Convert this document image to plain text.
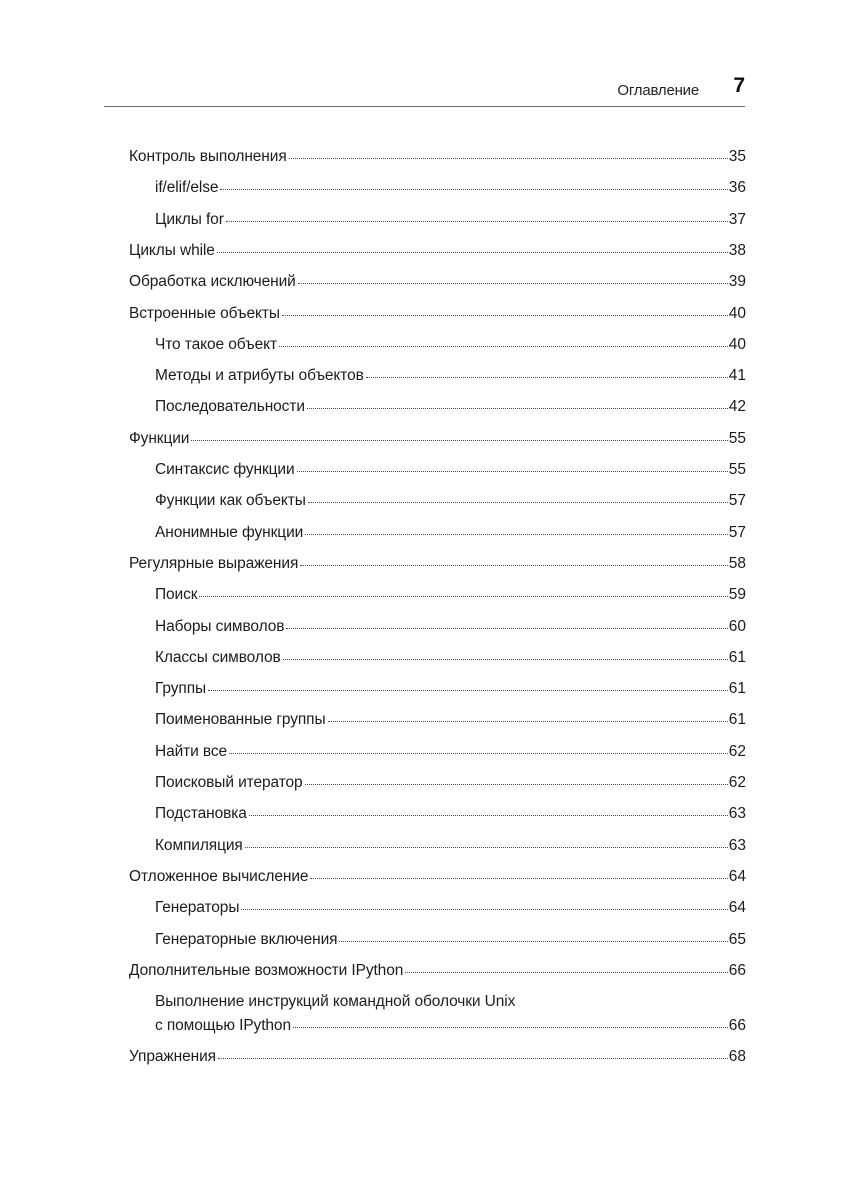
Оглавление 7
Контроль выполнения	35
if/elif/else	36
Циклы for	37
Циклы while	38
Обработка исключений	39
Встроенные объекты	40
Что такое объект	40
Методы и атрибуты объектов	41
Последовательности	42
Функции	55
Синтаксис функции	55
Функции как объекты	57
Анонимные функции	57
Регулярные выражения	58
Поиск	59
Наборы символов	60
Классы символов	61
Группы	61
Поименованные группы	61
Найти все	62
Поисковый итератор	62
Подстановка	63
Компиляция	63
Отложенное вычисление	64
Генераторы	64
Генераторные включения	65
Дополнительные возможности IPython	66
Выполнение инструкций командной оболочки Unix
с помощью IPython	66
Упражнения	68
